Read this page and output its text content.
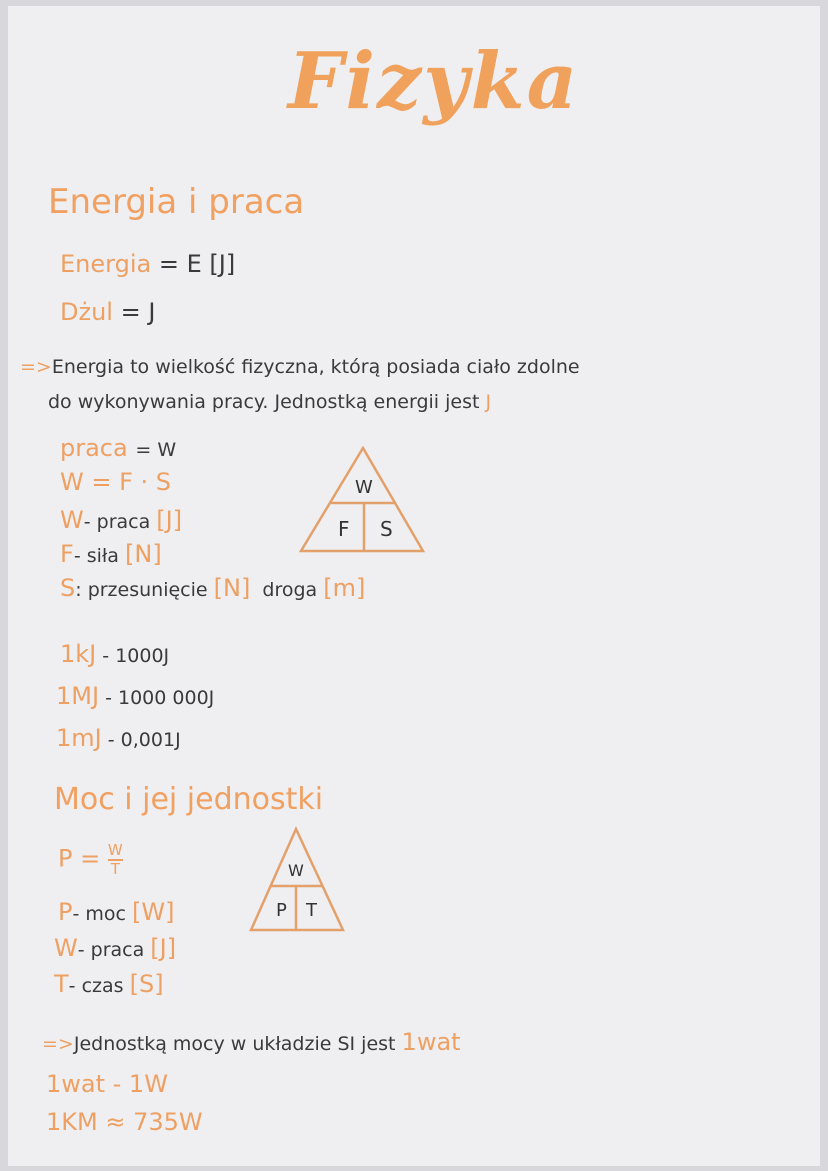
Fizyka
Energia i praca
Energia = E [J]
Dżul = J
=>Energia to wielkość fizyczna, którą posiada ciało zdolne
do wykonywania pracy. Jednostką energii jest J
praca = W
W = F · S
W- praca [J]
F- siła [N]
S: przesunięcie [N] droga [m]
W
F S
1kJ - 1000J
1MJ - 1000 000J
1mJ - 0,001J
Moc i jej jednostki
$P = \frac{W}{T}$
P- moc [W]
W- praca [J]
T- czas [S]
W
P T
=>Jednostką mocy w układzie SI jest 1wat
1wat - 1W
1KM ≈ 735W
